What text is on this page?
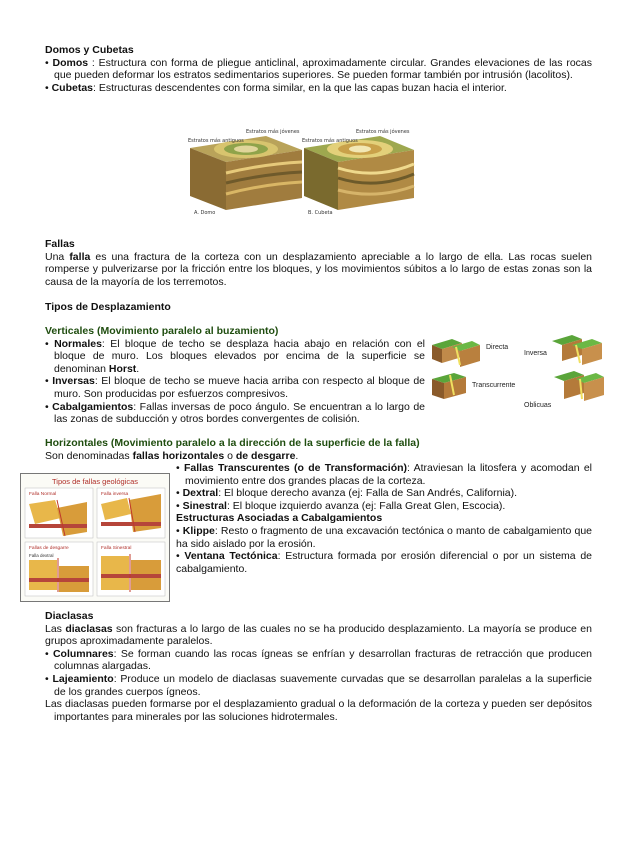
Estratos más jóvenes
Estratos más antiguos
Estratos más jóvenes
Estratos más antiguos
A. Domo	B. Cubeta
Directa
Inversa
Transcurrente
Oblicuas
Tipos de fallas geológicas
Falla Normal	Falla inversa
Fallas de desgarre
Falla dextral
Falla Sinestral

Domos y Cubetas

• Domos : Estructura con forma de pliegue anticlinal, aproximadamente circular. Grandes elevaciones de las rocas que pueden deformar los estratos sedimentarios superiores. Se pueden formar también por intrusión (lacolitos).

• Cubetas: Estructuras descendentes con forma similar, en la que las capas buzan hacia el interior.

Fallas

Una falla es una fractura de la corteza con un desplazamiento apreciable a lo largo de ella. Las rocas suelen romperse y pulverizarse por la fricción entre los bloques, y los movimientos súbitos a lo largo de estas zonas son la causa de la mayoría de los terremotos.

Tipos de Desplazamiento

Verticales (Movimiento paralelo al buzamiento)

• Normales: El bloque de techo se desplaza hacia abajo en relación con el bloque de muro. Los bloques elevados por encima de la superficie se denominan Horst.

• Inversas: El bloque de techo se mueve hacia arriba con respecto al bloque de muro. Son producidas por esfuerzos compresivos.

• Cabalgamientos: Fallas inversas de poco ángulo. Se encuentran a lo largo de las zonas de subducción y otros bordes convergentes de colisión.

Horizontales (Movimiento paralelo a la dirección de la superficie de la falla)

Son denominadas fallas horizontales o de desgarre.

• Fallas Transcurentes (o de Transformación): Atraviesan la litosfera y acomodan el movimiento entre dos grandes placas de la corteza.

• Dextral: El bloque derecho avanza (ej: Falla de San Andrés, California).

• Sinestral: El bloque izquierdo avanza (ej: Falla Great Glen, Escocia).

Estructuras Asociadas a Cabalgamientos

• Klippe: Resto o fragmento de una excavación tectónica o manto de cabalgamiento que ha sido aislado por la erosión.

• Ventana Tectónica: Estructura formada por erosión diferencial o por un sistema de cabalgamiento.

Diaclasas

Las diaclasas son fracturas a lo largo de las cuales no se ha producido desplazamiento. La mayoría se produce en grupos aproximadamente paralelos.

• Columnares: Se forman cuando las rocas ígneas se enfrían y desarrollan fracturas de retracción que producen columnas alargadas.

• Lajeamiento: Produce un modelo de diaclasas suavemente curvadas que se desarrollan paralelas a la superficie de los grandes cuerpos ígneos.

Las diaclasas pueden formarse por el desplazamiento gradual o la deformación de la corteza y pueden ser depósitos importantes para minerales por las soluciones hidrotermales.
